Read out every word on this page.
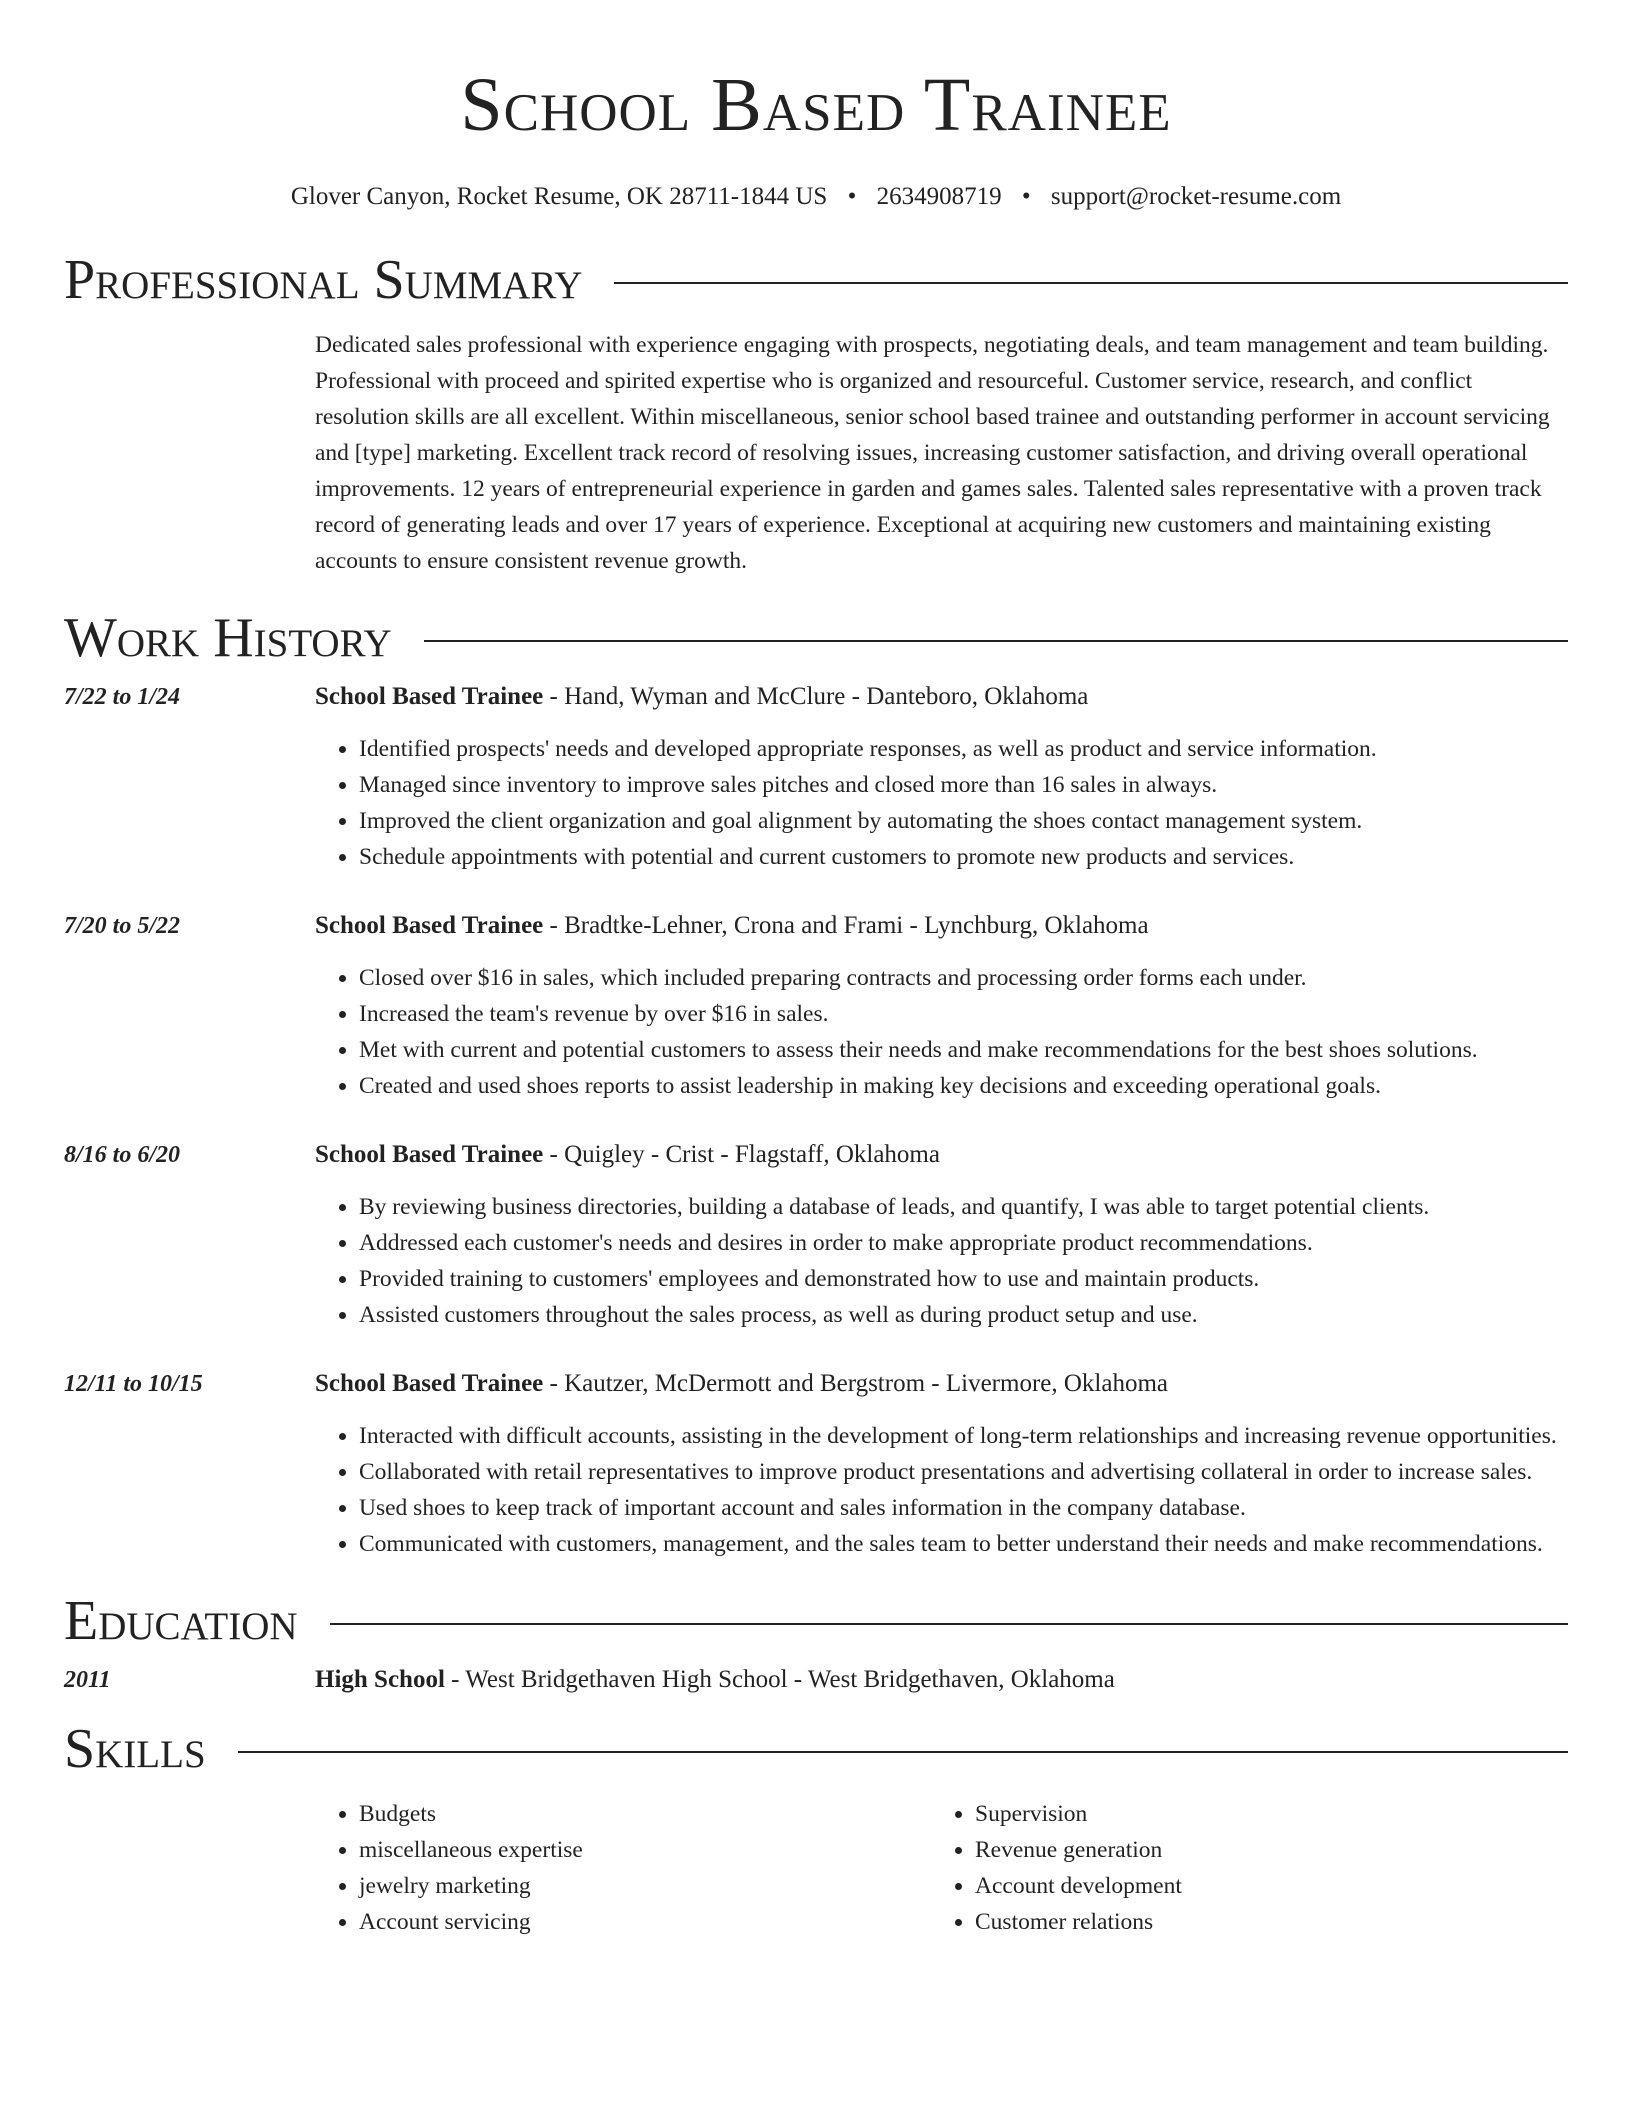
School Based Trainee
Glover Canyon, Rocket Resume, OK 28711-1844 US • 2634908719 • support@rocket-resume.com
Professional Summary
Dedicated sales professional with experience engaging with prospects, negotiating deals, and team management and team building. Professional with proceed and spirited expertise who is organized and resourceful. Customer service, research, and conflict resolution skills are all excellent. Within miscellaneous, senior school based trainee and outstanding performer in account servicing and [type] marketing. Excellent track record of resolving issues, increasing customer satisfaction, and driving overall operational improvements. 12 years of entrepreneurial experience in garden and games sales. Talented sales representative with a proven track record of generating leads and over 17 years of experience. Exceptional at acquiring new customers and maintaining existing accounts to ensure consistent revenue growth.
Work History
7/22 to 1/24	School Based Trainee - Hand, Wyman and McClure - Danteboro, Oklahoma
• Identified prospects' needs and developed appropriate responses, as well as product and service information.
• Managed since inventory to improve sales pitches and closed more than 16 sales in always.
• Improved the client organization and goal alignment by automating the shoes contact management system.
• Schedule appointments with potential and current customers to promote new products and services.
7/20 to 5/22	School Based Trainee - Bradtke-Lehner, Crona and Frami - Lynchburg, Oklahoma
• Closed over $16 in sales, which included preparing contracts and processing order forms each under.
• Increased the team's revenue by over $16 in sales.
• Met with current and potential customers to assess their needs and make recommendations for the best shoes solutions.
• Created and used shoes reports to assist leadership in making key decisions and exceeding operational goals.
8/16 to 6/20	School Based Trainee - Quigley - Crist - Flagstaff, Oklahoma
• By reviewing business directories, building a database of leads, and quantify, I was able to target potential clients.
• Addressed each customer's needs and desires in order to make appropriate product recommendations.
• Provided training to customers' employees and demonstrated how to use and maintain products.
• Assisted customers throughout the sales process, as well as during product setup and use.
12/11 to 10/15	School Based Trainee - Kautzer, McDermott and Bergstrom - Livermore, Oklahoma
• Interacted with difficult accounts, assisting in the development of long-term relationships and increasing revenue opportunities.
• Collaborated with retail representatives to improve product presentations and advertising collateral in order to increase sales.
• Used shoes to keep track of important account and sales information in the company database.
• Communicated with customers, management, and the sales team to better understand their needs and make recommendations.
Education
2011	High School - West Bridgethaven High School - West Bridgethaven, Oklahoma
Skills
• Budgets
• miscellaneous expertise
• jewelry marketing
• Account servicing
• Supervision
• Revenue generation
• Account development
• Customer relations
